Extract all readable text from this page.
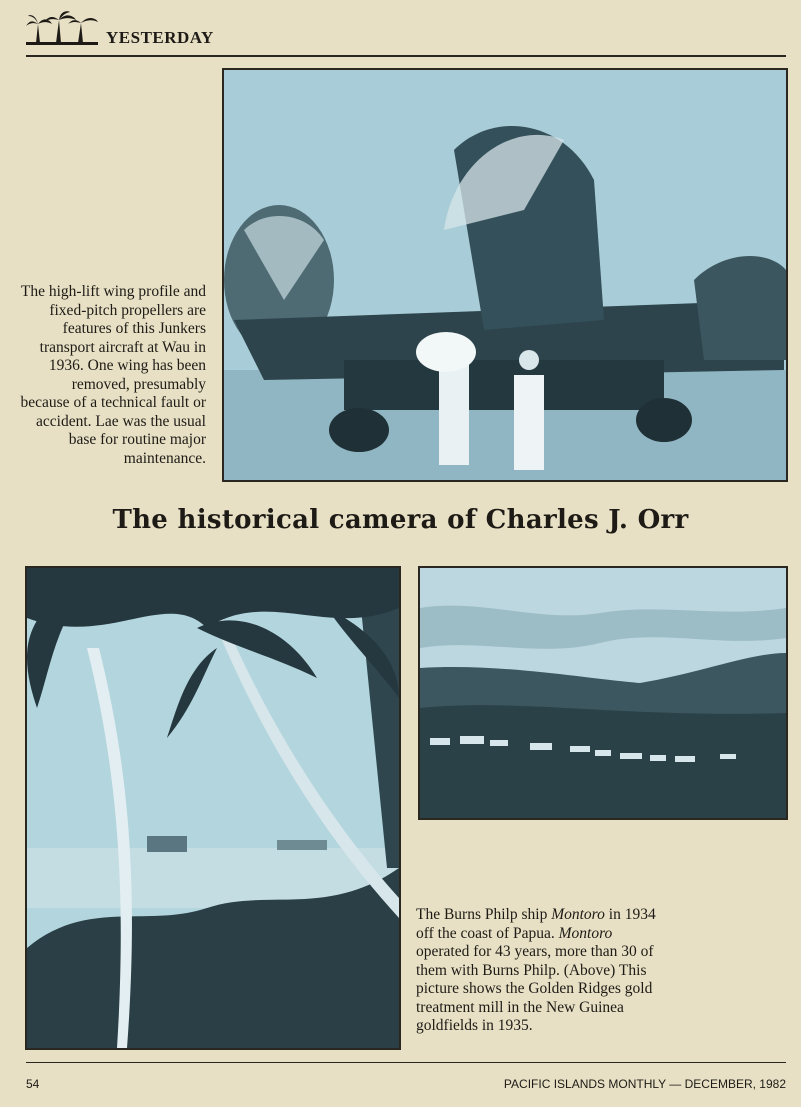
YESTERDAY
The high-lift wing profile and fixed-pitch propellers are features of this Junkers transport aircraft at Wau in 1936. One wing has been removed, presumably because of a technical fault or accident. Lae was the usual base for routine major maintenance.
The historical camera of Charles J. Orr
The Burns Philp ship Montoro in 1934 off the coast of Papua. Montoro operated for 43 years, more than 30 of them with Burns Philp. (Above) This picture shows the Golden Ridges gold treatment mill in the New Guinea goldfields in 1935.
54	PACIFIC ISLANDS MONTHLY — DECEMBER, 1982
